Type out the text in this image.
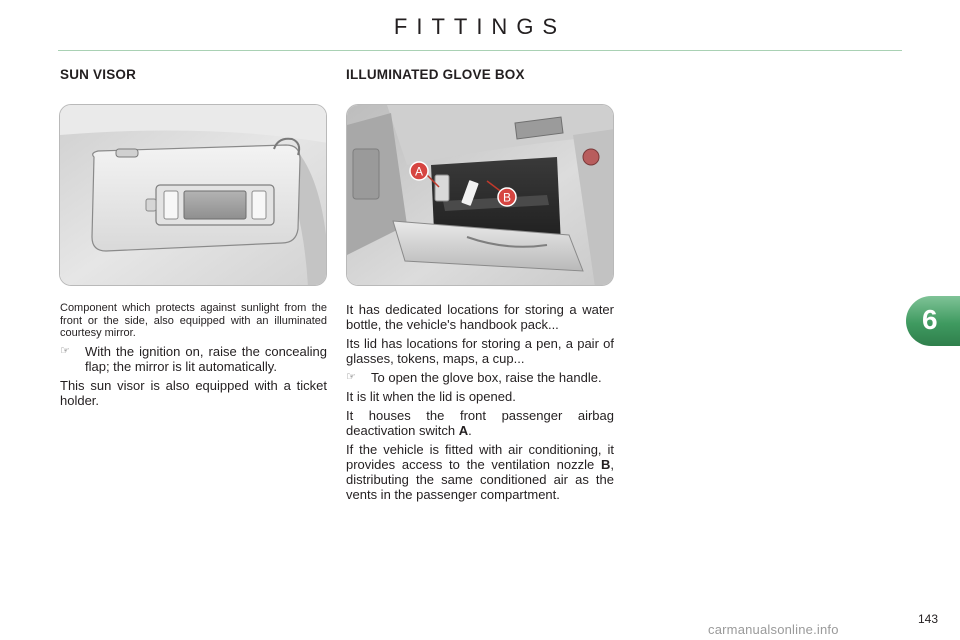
FITTINGS
SUN VISOR	ILLUMINATED GLOVE BOX
A
B

Component which protects against sunlight from the front or the side, also equipped with an illuminated courtesy mirror.

☞ With the ignition on, raise the concealing flap; the mirror is lit automatically.

This sun visor is also equipped with a ticket holder.

It has dedicated locations for storing a water bottle, the vehicle's handbook pack...

Its lid has locations for storing a pen, a pair of glasses, tokens, maps, a cup...

☞ To open the glove box, raise the handle.

It is lit when the lid is opened.

It houses the front passenger airbag deactivation switch A.

If the vehicle is fitted with air conditioning, it provides access to the ventilation nozzle B, distributing the same conditioned air as the vents in the passenger compartment.

6
143
carmanualsonline.info
